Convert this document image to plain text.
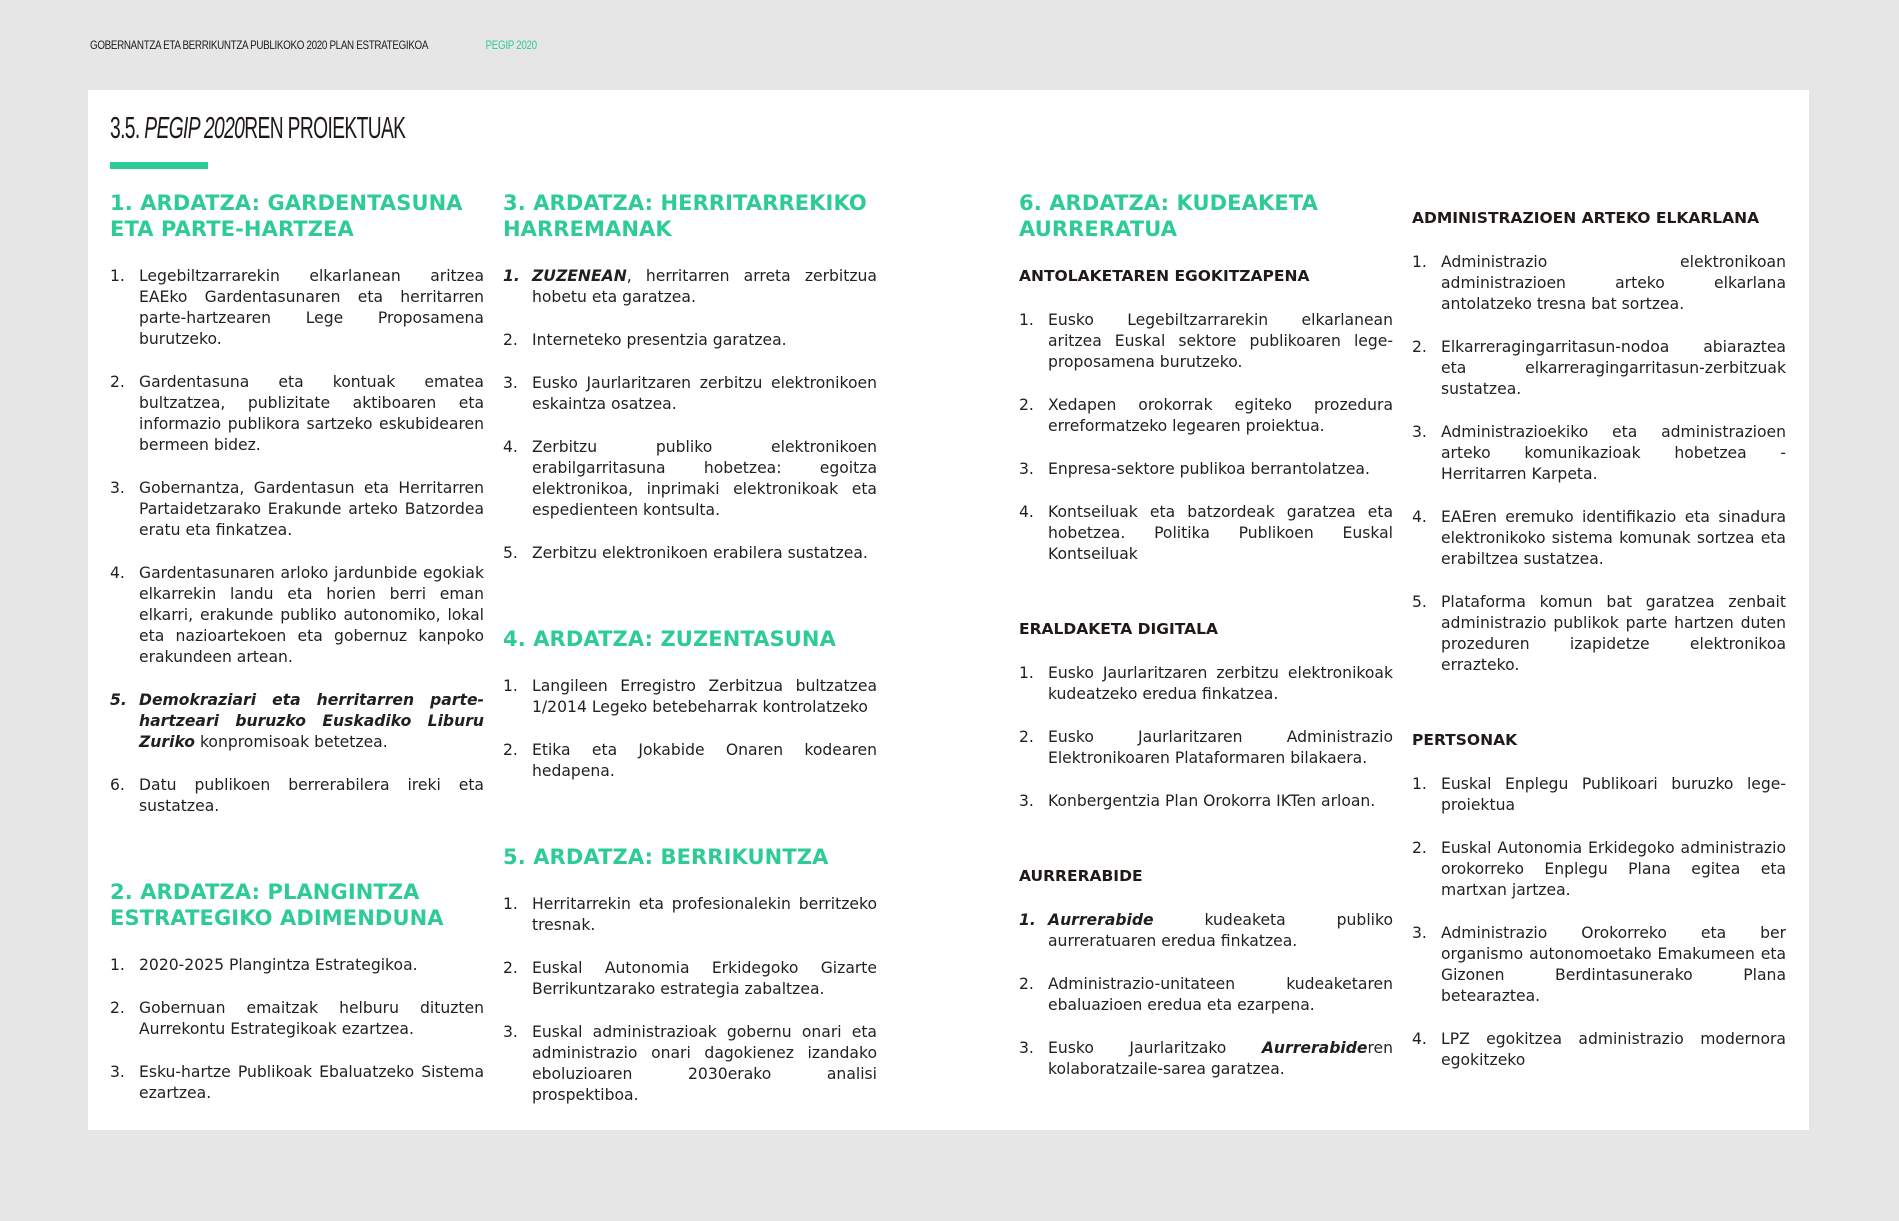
GOBERNANTZA ETA BERRIKUNTZA PUBLIKOKO 2020 PLAN ESTRATEGIKOA	PEGIP 2020
3.5. PEGIP 2020REN PROIEKTUAK
1. ARDATZA: GARDENTASUNA ETA PARTE-HARTZEA
1. Legebiltzarrarekin elkarlanean aritzea EAEko Gardentasunaren eta herritarren parte-hartzearen Lege Proposamena burutzeko.
2. Gardentasuna eta kontuak ematea bultzatzea, publizitate aktiboaren eta informazio publikora sartzeko eskubidearen bermeen bidez.
3. Gobernantza, Gardentasun eta Herritarren Partaidetzarako Erakunde arteko Batzordea eratu eta finkatzea.
4. Gardentasunaren arloko jardunbide egokiak elkarrekin landu eta horien berri eman elkarri, erakunde publiko autonomiko, lokal eta nazioartekoen eta gobernuz kanpoko erakundeen artean.
5. Demokraziari eta herritarren parte-hartzeari buruzko Euskadiko Liburu Zuriko konpromisoak betetzea.
6. Datu publikoen berrerabilera ireki eta sustatzea.
2. ARDATZA: PLANGINTZA ESTRATEGIKO ADIMENDUNA
1. 2020-2025 Plangintza Estrategikoa.
2. Gobernuan emaitzak helburu dituzten Aurrekontu Estrategikoak ezartzea.
3. Esku-hartze Publikoak Ebaluatzeko Sistema ezartzea.
3. ARDATZA: HERRITARREKIKO HARREMANAK
1. ZUZENEAN, herritarren arreta zerbitzua hobetu eta garatzea.
2. Interneteko presentzia garatzea.
3. Eusko Jaurlaritzaren zerbitzu elektronikoen eskaintza osatzea.
4. Zerbitzu publiko elektronikoen erabilgarritasuna hobetzea: egoitza elektronikoa, inprimaki elektronikoak eta espedienteen kontsulta.
5. Zerbitzu elektronikoen erabilera sustatzea.
4. ARDATZA: ZUZENTASUNA
1. Langileen Erregistro Zerbitzua bultzatzea 1/2014 Legeko betebeharrak kontrolatzeko
2. Etika eta Jokabide Onaren kodearen hedapena.
5. ARDATZA: BERRIKUNTZA
1. Herritarrekin eta profesionalekin berritzeko tresnak.
2. Euskal Autonomia Erkidegoko Gizarte Berrikuntzarako estrategia zabaltzea.
3. Euskal administrazioak gobernu onari eta administrazio onari dagokienez izandako eboluzioaren 2030erako analisi prospektiboa.
6. ARDATZA: KUDEAKETA AURRERATUA
ANTOLAKETAREN EGOKITZAPENA
1. Eusko Legebiltzarrarekin elkarlanean aritzea Euskal sektore publikoaren lege-proposamena burutzeko.
2. Xedapen orokorrak egiteko prozedura erreformatzeko legearen proiektua.
3. Enpresa-sektore publikoa berrantolatzea.
4. Kontseiluak eta batzordeak garatzea eta hobetzea. Politika Publikoen Euskal Kontseiluak
ERALDAKETA DIGITALA
1. Eusko Jaurlaritzaren zerbitzu elektronikoak kudeatzeko eredua finkatzea.
2. Eusko Jaurlaritzaren Administrazio Elektronikoaren Plataformaren bilakaera.
3. Konbergentzia Plan Orokorra IKTen arloan.
AURRERABIDE
1. Aurrerabide kudeaketa publiko aurreratuaren eredua finkatzea.
2. Administrazio-unitateen kudeaketaren ebaluazioen eredua eta ezarpena.
3. Eusko Jaurlaritzako Aurrerabideren kolaboratzaile-sarea garatzea.
ADMINISTRAZIOEN ARTEKO ELKARLANA
1. Administrazio elektronikoan administrazioen arteko elkarlana antolatzeko tresna bat sortzea.
2. Elkarreragingarritasun-nodoa abiaraztea eta elkarreragingarritasun-zerbitzuak sustatzea.
3. Administrazioekiko eta administrazioen arteko komunikazioak hobetzea - Herritarren Karpeta.
4. EAEren eremuko identifikazio eta sinadura elektronikoko sistema komunak sortzea eta erabiltzea sustatzea.
5. Plataforma komun bat garatzea zenbait administrazio publikok parte hartzen duten prozeduren izapidetze elektronikoa errazteko.
PERTSONAK
1. Euskal Enplegu Publikoari buruzko lege-proiektua
2. Euskal Autonomia Erkidegoko administrazio orokorreko Enplegu Plana egitea eta martxan jartzea.
3. Administrazio Orokorreko eta ber organismo autonomoetako Emakumeen eta Gizonen Berdintasunerako Plana betearaztea.
4. LPZ egokitzea administrazio modernora egokitzeko
